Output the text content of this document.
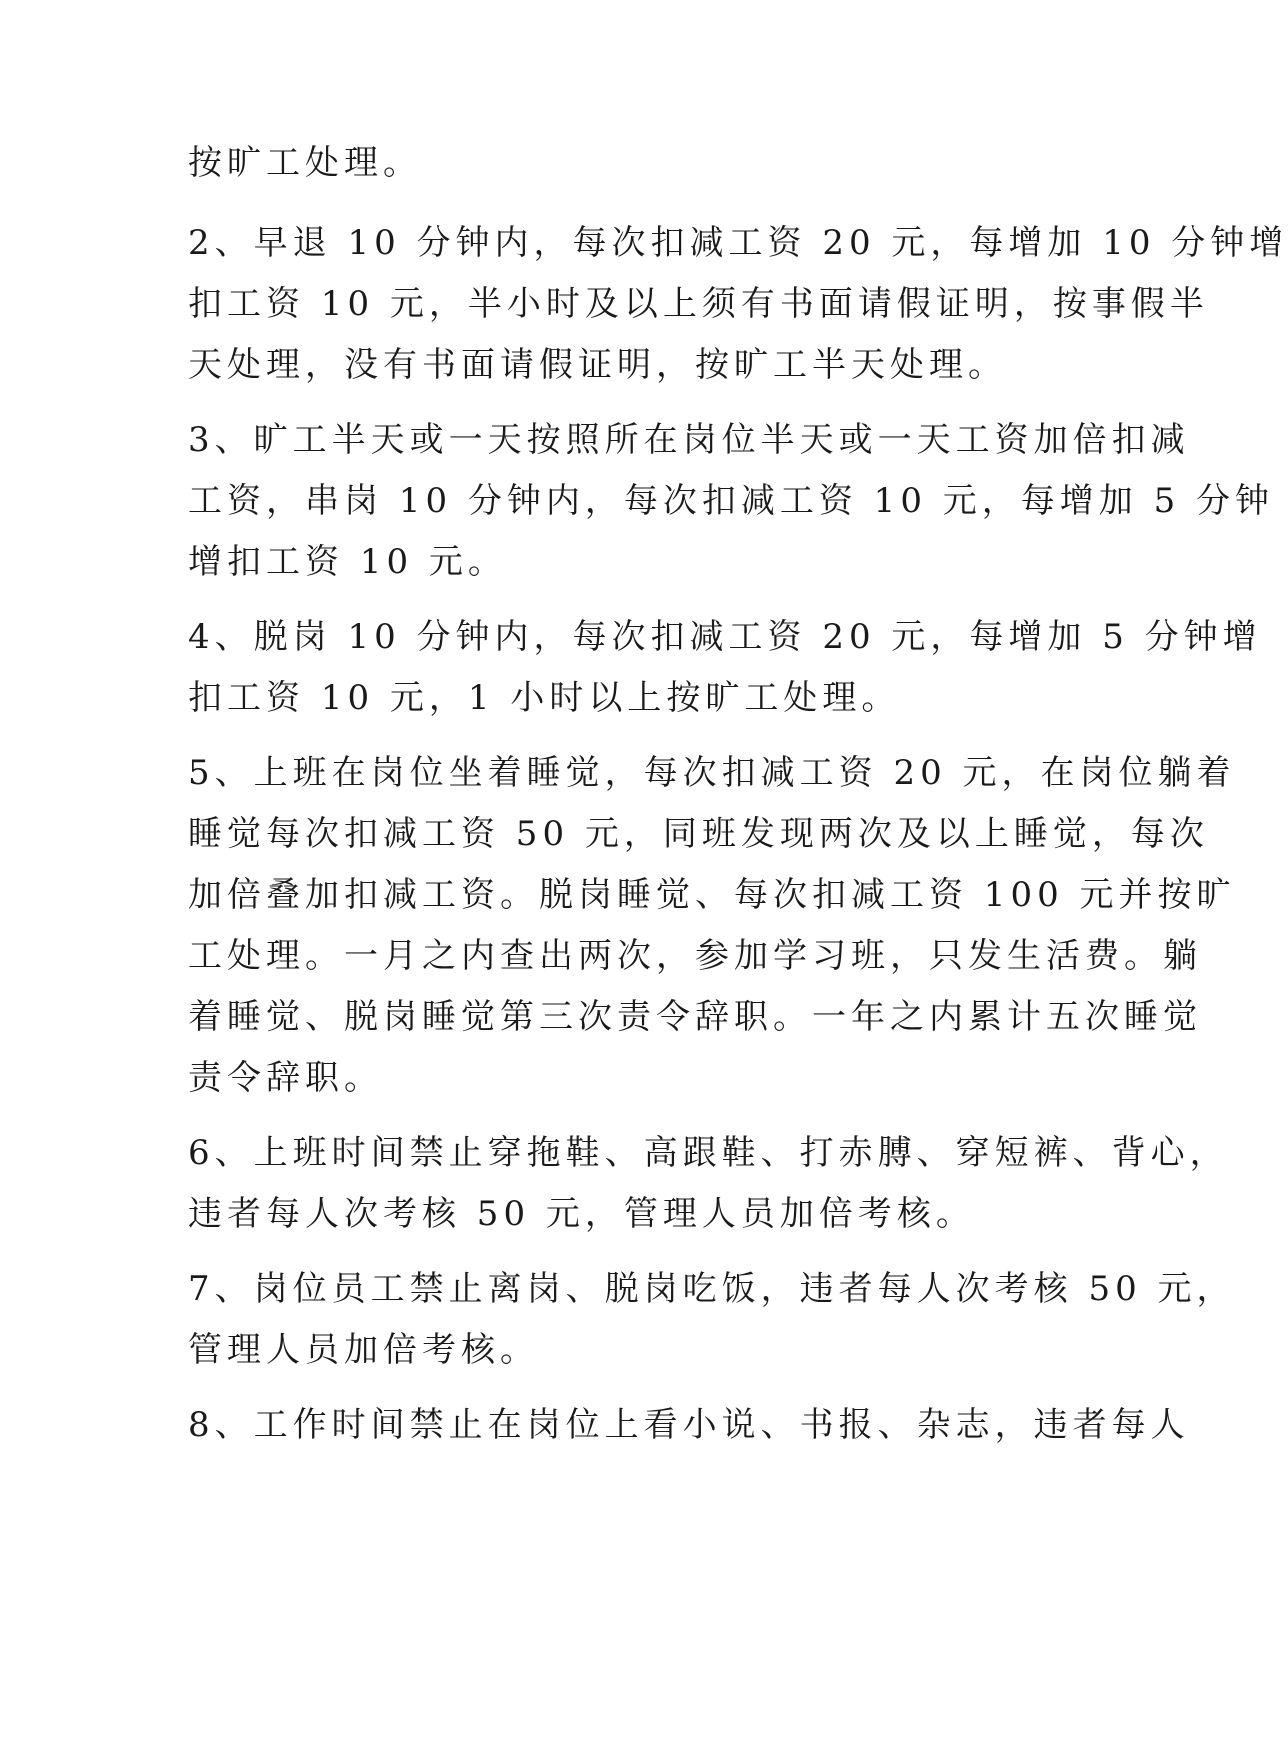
按旷工处理。
2、早退 10 分钟内，每次扣减工资 20 元，每增加 10 分钟增
扣工资 10 元，半小时及以上须有书面请假证明，按事假半
天处理，没有书面请假证明，按旷工半天处理。
3、旷工半天或一天按照所在岗位半天或一天工资加倍扣减
工资，串岗 10 分钟内，每次扣减工资 10 元，每增加 5 分钟
增扣工资 10 元。
4、脱岗 10 分钟内，每次扣减工资 20 元，每增加 5 分钟增
扣工资 10 元，1 小时以上按旷工处理。
5、上班在岗位坐着睡觉，每次扣减工资 20 元，在岗位躺着
睡觉每次扣减工资 50 元，同班发现两次及以上睡觉，每次
加倍叠加扣减工资。脱岗睡觉、每次扣减工资 100 元并按旷
工处理。一月之内查出两次，参加学习班，只发生活费。躺
着睡觉、脱岗睡觉第三次责令辞职。一年之内累计五次睡觉
责令辞职。
6、上班时间禁止穿拖鞋、高跟鞋、打赤膊、穿短裤、背心，
违者每人次考核 50 元，管理人员加倍考核。
7、岗位员工禁止离岗、脱岗吃饭，违者每人次考核 50 元，
管理人员加倍考核。
8、工作时间禁止在岗位上看小说、书报、杂志，违者每人
